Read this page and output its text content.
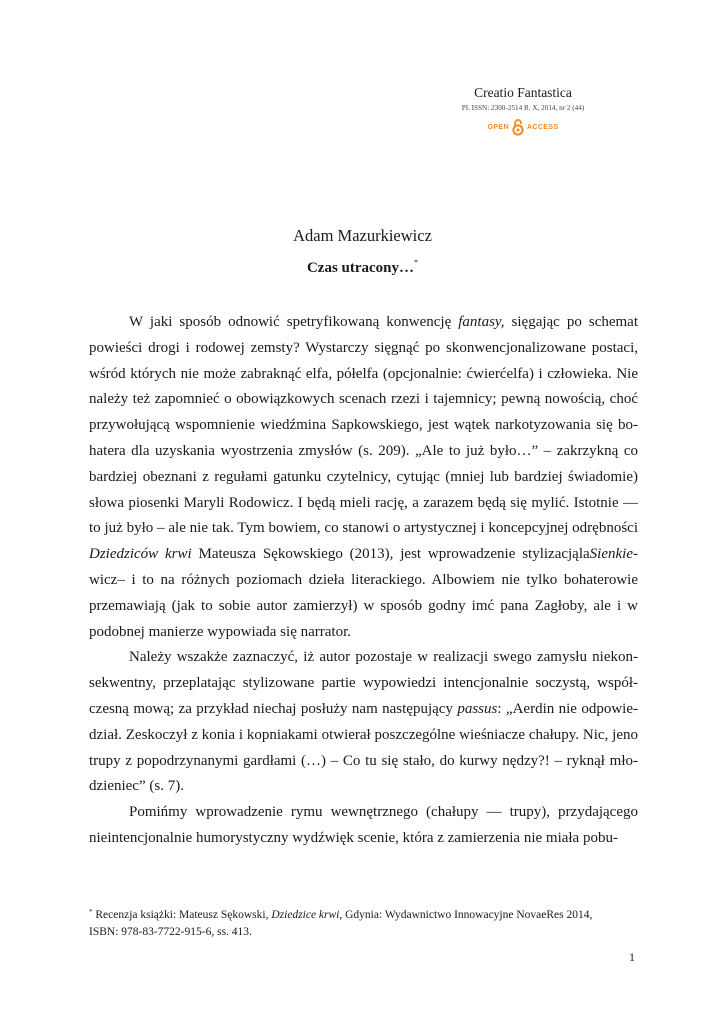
Creatio Fantastica
PL ISSN: 2300-2514 R. X, 2014, nr 2 (44)
OPEN	ACCESS
Adam Mazurkiewicz
Czas utracony…*
W jaki sposób odnowić spetryfikowaną konwencję fantasy, sięgając po schemat
powieści drogi i rodowej zemsty? Wystarczy sięgnąć po skonwencjonalizowane postaci,
wśród których nie może zabraknąć elfa, półelfa (opcjonalnie: ćwierćelfa) i człowieka. Nie
należy też zapomnieć o obowiązkowych scenach rzezi i tajemnicy; pewną nowością, choć
przywołującą wspomnienie wiedźmina Sapkowskiego, jest wątek narkotyzowania się bo-
hatera dla uzyskania wyostrzenia zmysłów (s. 209). „Ale to już było…” – zakrzykną co
bardziej obeznani z regułami gatunku czytelnicy, cytując (mniej lub bardziej świadomie)
słowa piosenki Maryli Rodowicz. I będą mieli rację, a zarazem będą się mylić. Istotnie —
to już było – ale nie tak. Tym bowiem, co stanowi o artystycznej i koncepcyjnej odrębności
Dziedziców krwi Mateusza Sękowskiego (2013), jest wprowadzenie stylizacjąlaSienkie-
wicz– i to na różnych poziomach dzieła literackiego. Albowiem nie tylko bohaterowie
przemawiają (jak to sobie autor zamierzył) w sposób godny imć pana Zagłoby, ale i w
podobnej manierze wypowiada się narrator.
Należy wszakże zaznaczyć, iż autor pozostaje w realizacji swego zamysłu niekon-
sekwentny, przeplatając stylizowane partie wypowiedzi intencjonalnie soczystą, współ-
czesną mową; za przykład niechaj posłuży nam następujący passus: „Aerdin nie odpowie-
dział. Zeskoczył z konia i kopniakami otwierał poszczególne wieśniacze chałupy. Nic, jeno
trupy z popodrzynanymi gardłami (…) – Co tu się stało, do kurwy nędzy?! – ryknął mło-
dzieniec” (s. 7).
Pomińmy wprowadzenie rymu wewnętrznego (chałupy — trupy), przydającego
nieintencjonalnie humorystyczny wydźwięk scenie, która z zamierzenia nie miała pobu-
* Recenzja książki: Mateusz Sękowski, Dziedzice krwi, Gdynia: Wydawnictwo Innowacyjne NovaeRes 2014,
ISBN: 978-83-7722-915-6, ss. 413.
1
